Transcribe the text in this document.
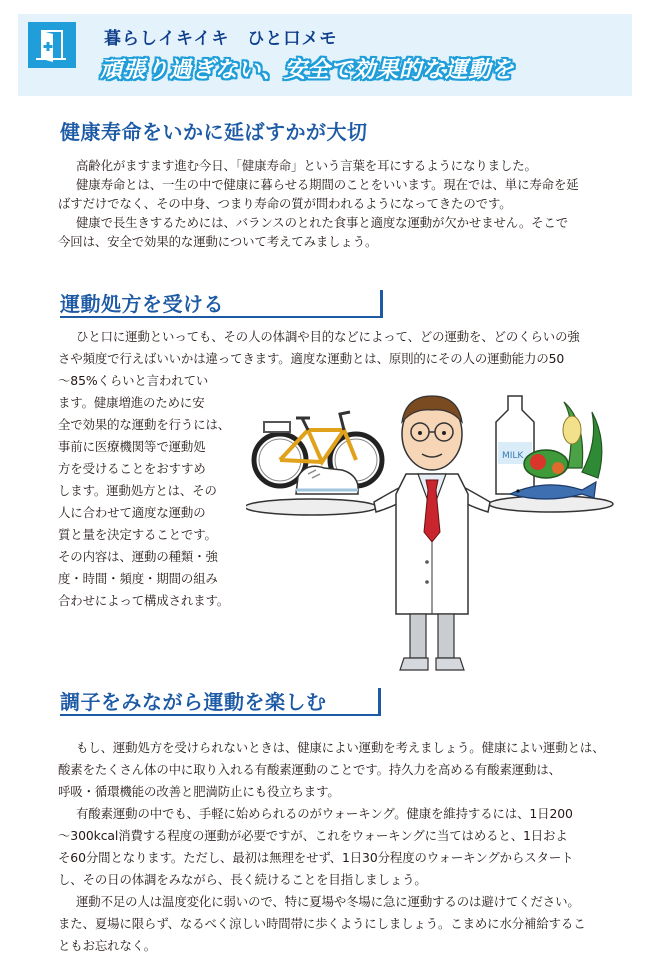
暮らしイキイキ　ひと口メモ
頑張り過ぎない、安全で効果的な運動を
健康寿命をいかに延ばすかが大切

高齢化がますます進む今日、「健康寿命」という言葉を耳にするようになりました。

健康寿命とは、一生の中で健康に暮らせる期間のことをいいます。現在では、単に寿命を延

ばすだけでなく、その中身、つまり寿命の質が問われるようになってきたのです。

健康で長生きするためには、バランスのとれた食事と適度な運動が欠かせません。そこで

今回は、安全で効果的な運動について考えてみましょう。

運動処方を受ける

ひと口に運動といっても、その人の体調や目的などによって、どの運動を、どのくらいの強

さや頻度で行えばいいかは違ってきます。適度な運動とは、原則的にその人の運動能力の50

～85%くらいと言われてい

ます。健康増進のために安

全で効果的な運動を行うには、

事前に医療機関等で運動処

方を受けることをおすすめ

します。運動処方とは、その

人に合わせて適度な運動の

質と量を決定することです。

その内容は、運動の種類・強

度・時間・頻度・期間の組み

合わせによって構成されます。

MILK
調子をみながら運動を楽しむ

もし、運動処方を受けられないときは、健康によい運動を考えましょう。健康によい運動とは、

酸素をたくさん体の中に取り入れる有酸素運動のことです。持久力を高める有酸素運動は、

呼吸・循環機能の改善と肥満防止にも役立ちます。

有酸素運動の中でも、手軽に始められるのがウォーキング。健康を維持するには、1日200

～300kcal消費する程度の運動が必要ですが、これをウォーキングに当てはめると、1日およ

そ60分間となります。ただし、最初は無理をせず、1日30分程度のウォーキングからスタート

し、その日の体調をみながら、長く続けることを目指しましょう。

運動不足の人は温度変化に弱いので、特に夏場や冬場に急に運動するのは避けてください。

また、夏場に限らず、なるべく涼しい時間帯に歩くようにしましょう。こまめに水分補給するこ

ともお忘れなく。
